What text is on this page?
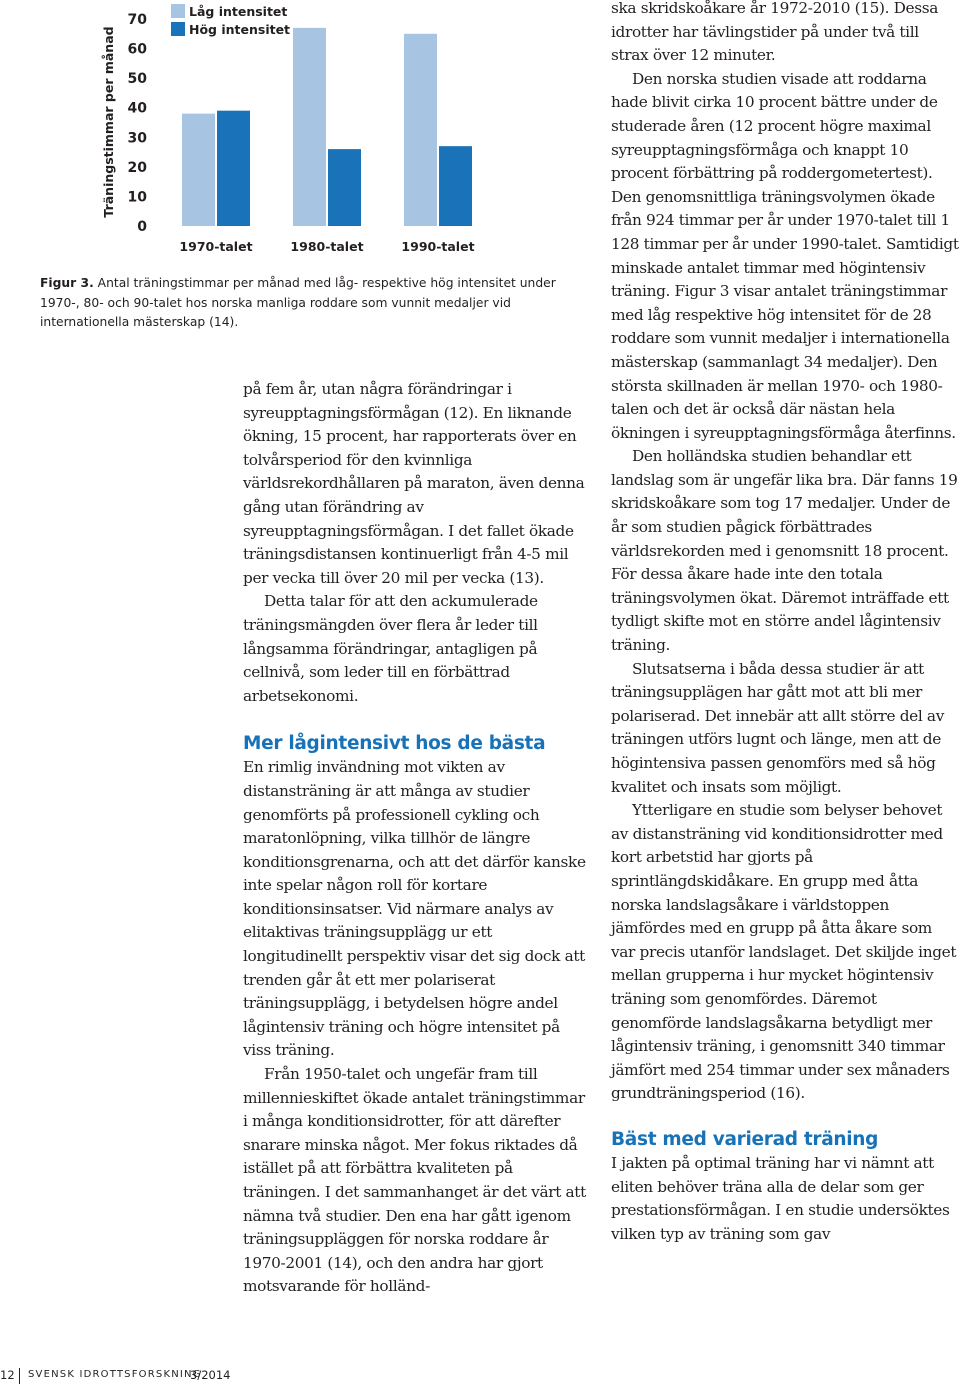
Träningstimmar per månad
0
10
20
30
40
50
60
70
1970-talet	1980-talet	1990-talet
Låg intensitet
Hög intensitet

Figur 3. Antal träningstimmar per månad med låg- respektive hög intensitet under 1970-, 80- och 90-talet hos norska manliga roddare som vunnit medaljer vid internationella mästerskap (14).

på fem år, utan några förändringar i syreupptagningsförmågan (12). En liknande ökning, 15 procent, har rapporterats över en tolvårsperiod för den kvinnliga världsrekordhållaren på maraton, även denna gång utan förändring av syreupptagningsförmågan. I det fallet ökade träningsdistansen kontinuerligt från 4-5 mil per vecka till över 20 mil per vecka (13).

Detta talar för att den ackumulerade träningsmängden över flera år leder till långsamma förändringar, antagligen på cellnivå, som leder till en förbättrad arbetsekonomi.

Mer lågintensivt hos de bästa

En rimlig invändning mot vikten av distansträning är att många av studier genomförts på professionell cykling och maratonlöpning, vilka tillhör de längre konditionsgrenarna, och att det därför kanske inte spelar någon roll för kortare konditionsinsatser. Vid närmare analys av elitaktivas träningsupplägg ur ett longitudinellt perspektiv visar det sig dock att trenden går åt ett mer polariserat träningsupplägg, i betydelsen högre andel lågintensiv träning och högre intensitet på viss träning.

Från 1950-talet och ungefär fram till millennieskiftet ökade antalet träningstimmar i många konditionsidrotter, för att därefter snarare minska något. Mer fokus riktades då istället på att förbättra kvaliteten på träningen. I det sammanhanget är det värt att nämna två studier. Den ena har gått igenom träningsuppläggen för norska roddare år 1970-2001 (14), och den andra har gjort motsvarande för holländ-

ska skridskoåkare år 1972-2010 (15). Dessa idrotter har tävlingstider på under två till strax över 12 minuter.

Den norska studien visade att roddarna hade blivit cirka 10 procent bättre under de studerade åren (12 procent högre maximal syreupptagningsförmåga och knappt 10 procent förbättring på roddergometertest). Den genomsnittliga träningsvolymen ökade från 924 timmar per år under 1970-talet till 1 128 timmar per år under 1990-talet. Samtidigt minskade antalet timmar med högintensiv träning. Figur 3 visar antalet träningstimmar med låg respektive hög intensitet för de 28 roddare som vunnit medaljer i internationella mästerskap (sammanlagt 34 medaljer). Den största skillnaden är mellan 1970- och 1980-talen och det är också där nästan hela ökningen i syreupptagningsförmåga återfinns.

Den holländska studien behandlar ett landslag som är ungefär lika bra. Där fanns 19 skridskoåkare som tog 17 medaljer. Under de år som studien pågick förbättrades världsrekorden med i genomsnitt 18 procent. För dessa åkare hade inte den totala träningsvolymen ökat. Däremot inträffade ett tydligt skifte mot en större andel lågintensiv träning.

Slutsatserna i båda dessa studier är att träningsupplägen har gått mot att bli mer polariserad. Det innebär att allt större del av träningen utförs lugnt och länge, men att de högintensiva passen genomförs med så hög kvalitet och insats som möjligt.

Ytterligare en studie som belyser behovet av distansträning vid konditionsidrotter med kort arbetstid har gjorts på sprintlängdskidåkare. En grupp med åtta norska landslagsåkare i världstoppen jämfördes med en grupp på åtta åkare som var precis utanför landslaget. Det skiljde inget mellan grupperna i hur mycket högintensiv träning som genomfördes. Däremot genomförde landslagsåkarna betydligt mer lågintensiv träning, i genomsnitt 340 timmar jämfört med 254 timmar under sex månaders grundträningsperiod (16).

Bäst med varierad träning

I jakten på optimal träning har vi nämnt att eliten behöver träna alla de delar som ger prestationsförmågan. I en studie undersöktes vilken typ av träning som gav

12 SVENSK IDROTTSFORSKNING
3/2014
